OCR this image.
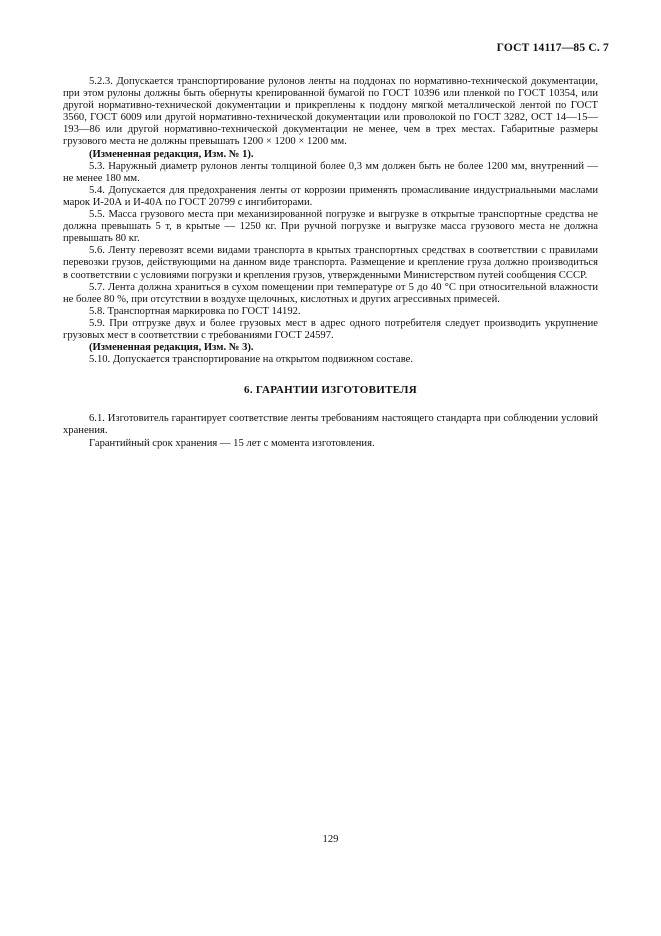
ГОСТ 14117—85 С. 7

5.2.3. Допускается транспортирование рулонов ленты на поддонах по нормативно-технической документации, при этом рулоны должны быть обернуты крепированной бумагой по ГОСТ 10396 или пленкой по ГОСТ 10354, или другой нормативно-технической документации и прикреплены к поддону мягкой металлической лентой по ГОСТ 3560, ГОСТ 6009 или другой нормативно-технической документации или проволокой по ГОСТ 3282, ОСТ 14—15—193—86 или другой нормативно-технической документации не менее, чем в трех местах. Габаритные размеры грузового места не должны превышать 1200 × 1200 × 1200 мм.

(Измененная редакция, Изм. № 1).

5.3. Наружный диаметр рулонов ленты толщиной более 0,3 мм должен быть не более 1200 мм, внутренний — не менее 180 мм.

5.4. Допускается для предохранения ленты от коррозии применять промасливание индустриальными маслами марок И-20А и И-40А по ГОСТ 20799 с ингибиторами.

5.5. Масса грузового места при механизированной погрузке и выгрузке в открытые транспортные средства не должна превышать 5 т, в крытые — 1250 кг. При ручной погрузке и выгрузке масса грузового места не должна превышать 80 кг.

5.6. Ленту перевозят всеми видами транспорта в крытых транспортных средствах в соответствии с правилами перевозки грузов, действующими на данном виде транспорта. Размещение и крепление груза должно производиться в соответствии с условиями погрузки и крепления грузов, утвержденными Министерством путей сообщения СССР.

5.7. Лента должна храниться в сухом помещении при температуре от 5 до 40 °С при относительной влажности не более 80 %, при отсутствии в воздухе щелочных, кислотных и других агрессивных примесей.

5.8. Транспортная маркировка по ГОСТ 14192.

5.9. При отгрузке двух и более грузовых мест в адрес одного потребителя следует производить укрупнение грузовых мест в соответствии с требованиями ГОСТ 24597.

(Измененная редакция, Изм. № 3).

5.10. Допускается транспортирование на открытом подвижном составе.

6. ГАРАНТИИ ИЗГОТОВИТЕЛЯ

6.1. Изготовитель гарантирует соответствие ленты требованиям настоящего стандарта при соблюдении условий хранения.

Гарантийный срок хранения — 15 лет с момента изготовления.

129
